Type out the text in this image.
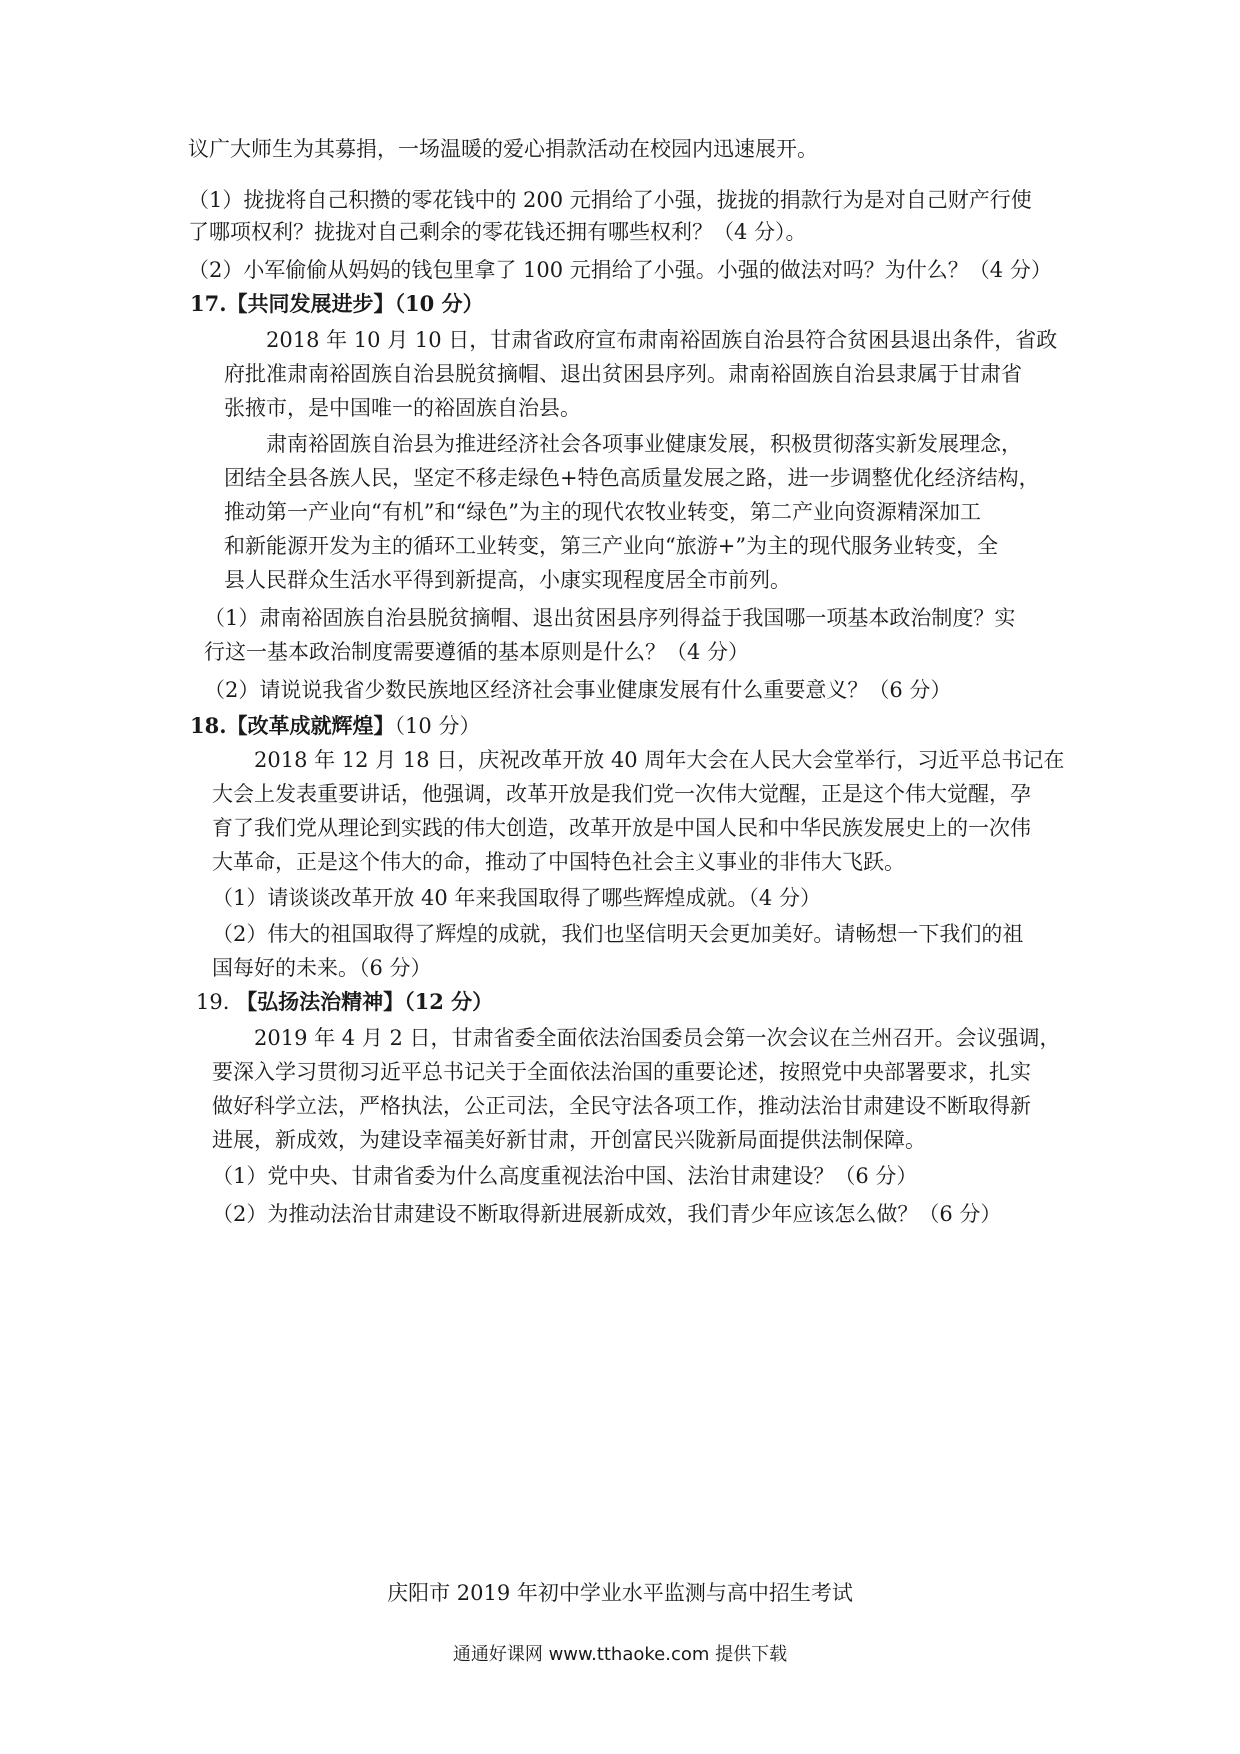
议广大师生为其募捐，一场温暖的爱心捐款活动在校园内迅速展开。

（1）拢拢将自己积攒的零花钱中的 200 元捐给了小强，拢拢的捐款行为是对自己财产行使

了哪项权利？拢拢对自己剩余的零花钱还拥有哪些权利？（4 分）。

（2）小军偷偷从妈妈的钱包里拿了 100 元捐给了小强。小强的做法对吗？为什么？（4 分）

17.【共同发展进步】（10 分）

2018 年 10 月 10 日，甘肃省政府宣布肃南裕固族自治县符合贫困县退出条件，省政

府批准肃南裕固族自治县脱贫摘帽、退出贫困县序列。肃南裕固族自治县隶属于甘肃省

张掖市，是中国唯一的裕固族自治县。

肃南裕固族自治县为推进经济社会各项事业健康发展，积极贯彻落实新发展理念，

团结全县各族人民，坚定不移走绿色+特色高质量发展之路，进一步调整优化经济结构，

推动第一产业向“有机”和“绿色”为主的现代农牧业转变，第二产业向资源精深加工

和新能源开发为主的循环工业转变，第三产业向“旅游+”为主的现代服务业转变，全

县人民群众生活水平得到新提高，小康实现程度居全市前列。

（1）肃南裕固族自治县脱贫摘帽、退出贫困县序列得益于我国哪一项基本政治制度？实

行这一基本政治制度需要遵循的基本原则是什么？（4 分）

（2）请说说我省少数民族地区经济社会事业健康发展有什么重要意义？（6 分）

18.【改革成就辉煌】（10 分）

2018 年 12 月 18 日，庆祝改革开放 40 周年大会在人民大会堂举行，习近平总书记在

大会上发表重要讲话，他强调，改革开放是我们党一次伟大觉醒，正是这个伟大觉醒，孕

育了我们党从理论到实践的伟大创造，改革开放是中国人民和中华民族发展史上的一次伟

大革命，正是这个伟大的命，推动了中国特色社会主义事业的非伟大飞跃。

（1）请谈谈改革开放 40 年来我国取得了哪些辉煌成就。（4 分）

（2）伟大的祖国取得了辉煌的成就，我们也坚信明天会更加美好。请畅想一下我们的祖

国每好的未来。（6 分）

19. 【弘扬法治精神】（12 分）

2019 年 4 月 2 日，甘肃省委全面依法治国委员会第一次会议在兰州召开。会议强调，

要深入学习贯彻习近平总书记关于全面依法治国的重要论述，按照党中央部署要求，扎实

做好科学立法，严格执法，公正司法，全民守法各项工作，推动法治甘肃建设不断取得新

进展，新成效，为建设幸福美好新甘肃，开创富民兴陇新局面提供法制保障。

（1）党中央、甘肃省委为什么高度重视法治中国、法治甘肃建设？（6 分）

（2）为推动法治甘肃建设不断取得新进展新成效，我们青少年应该怎么做？（6 分）

庆阳市 2019 年初中学业水平监测与高中招生考试
通通好课网 www.tthaoke.com 提供下载
